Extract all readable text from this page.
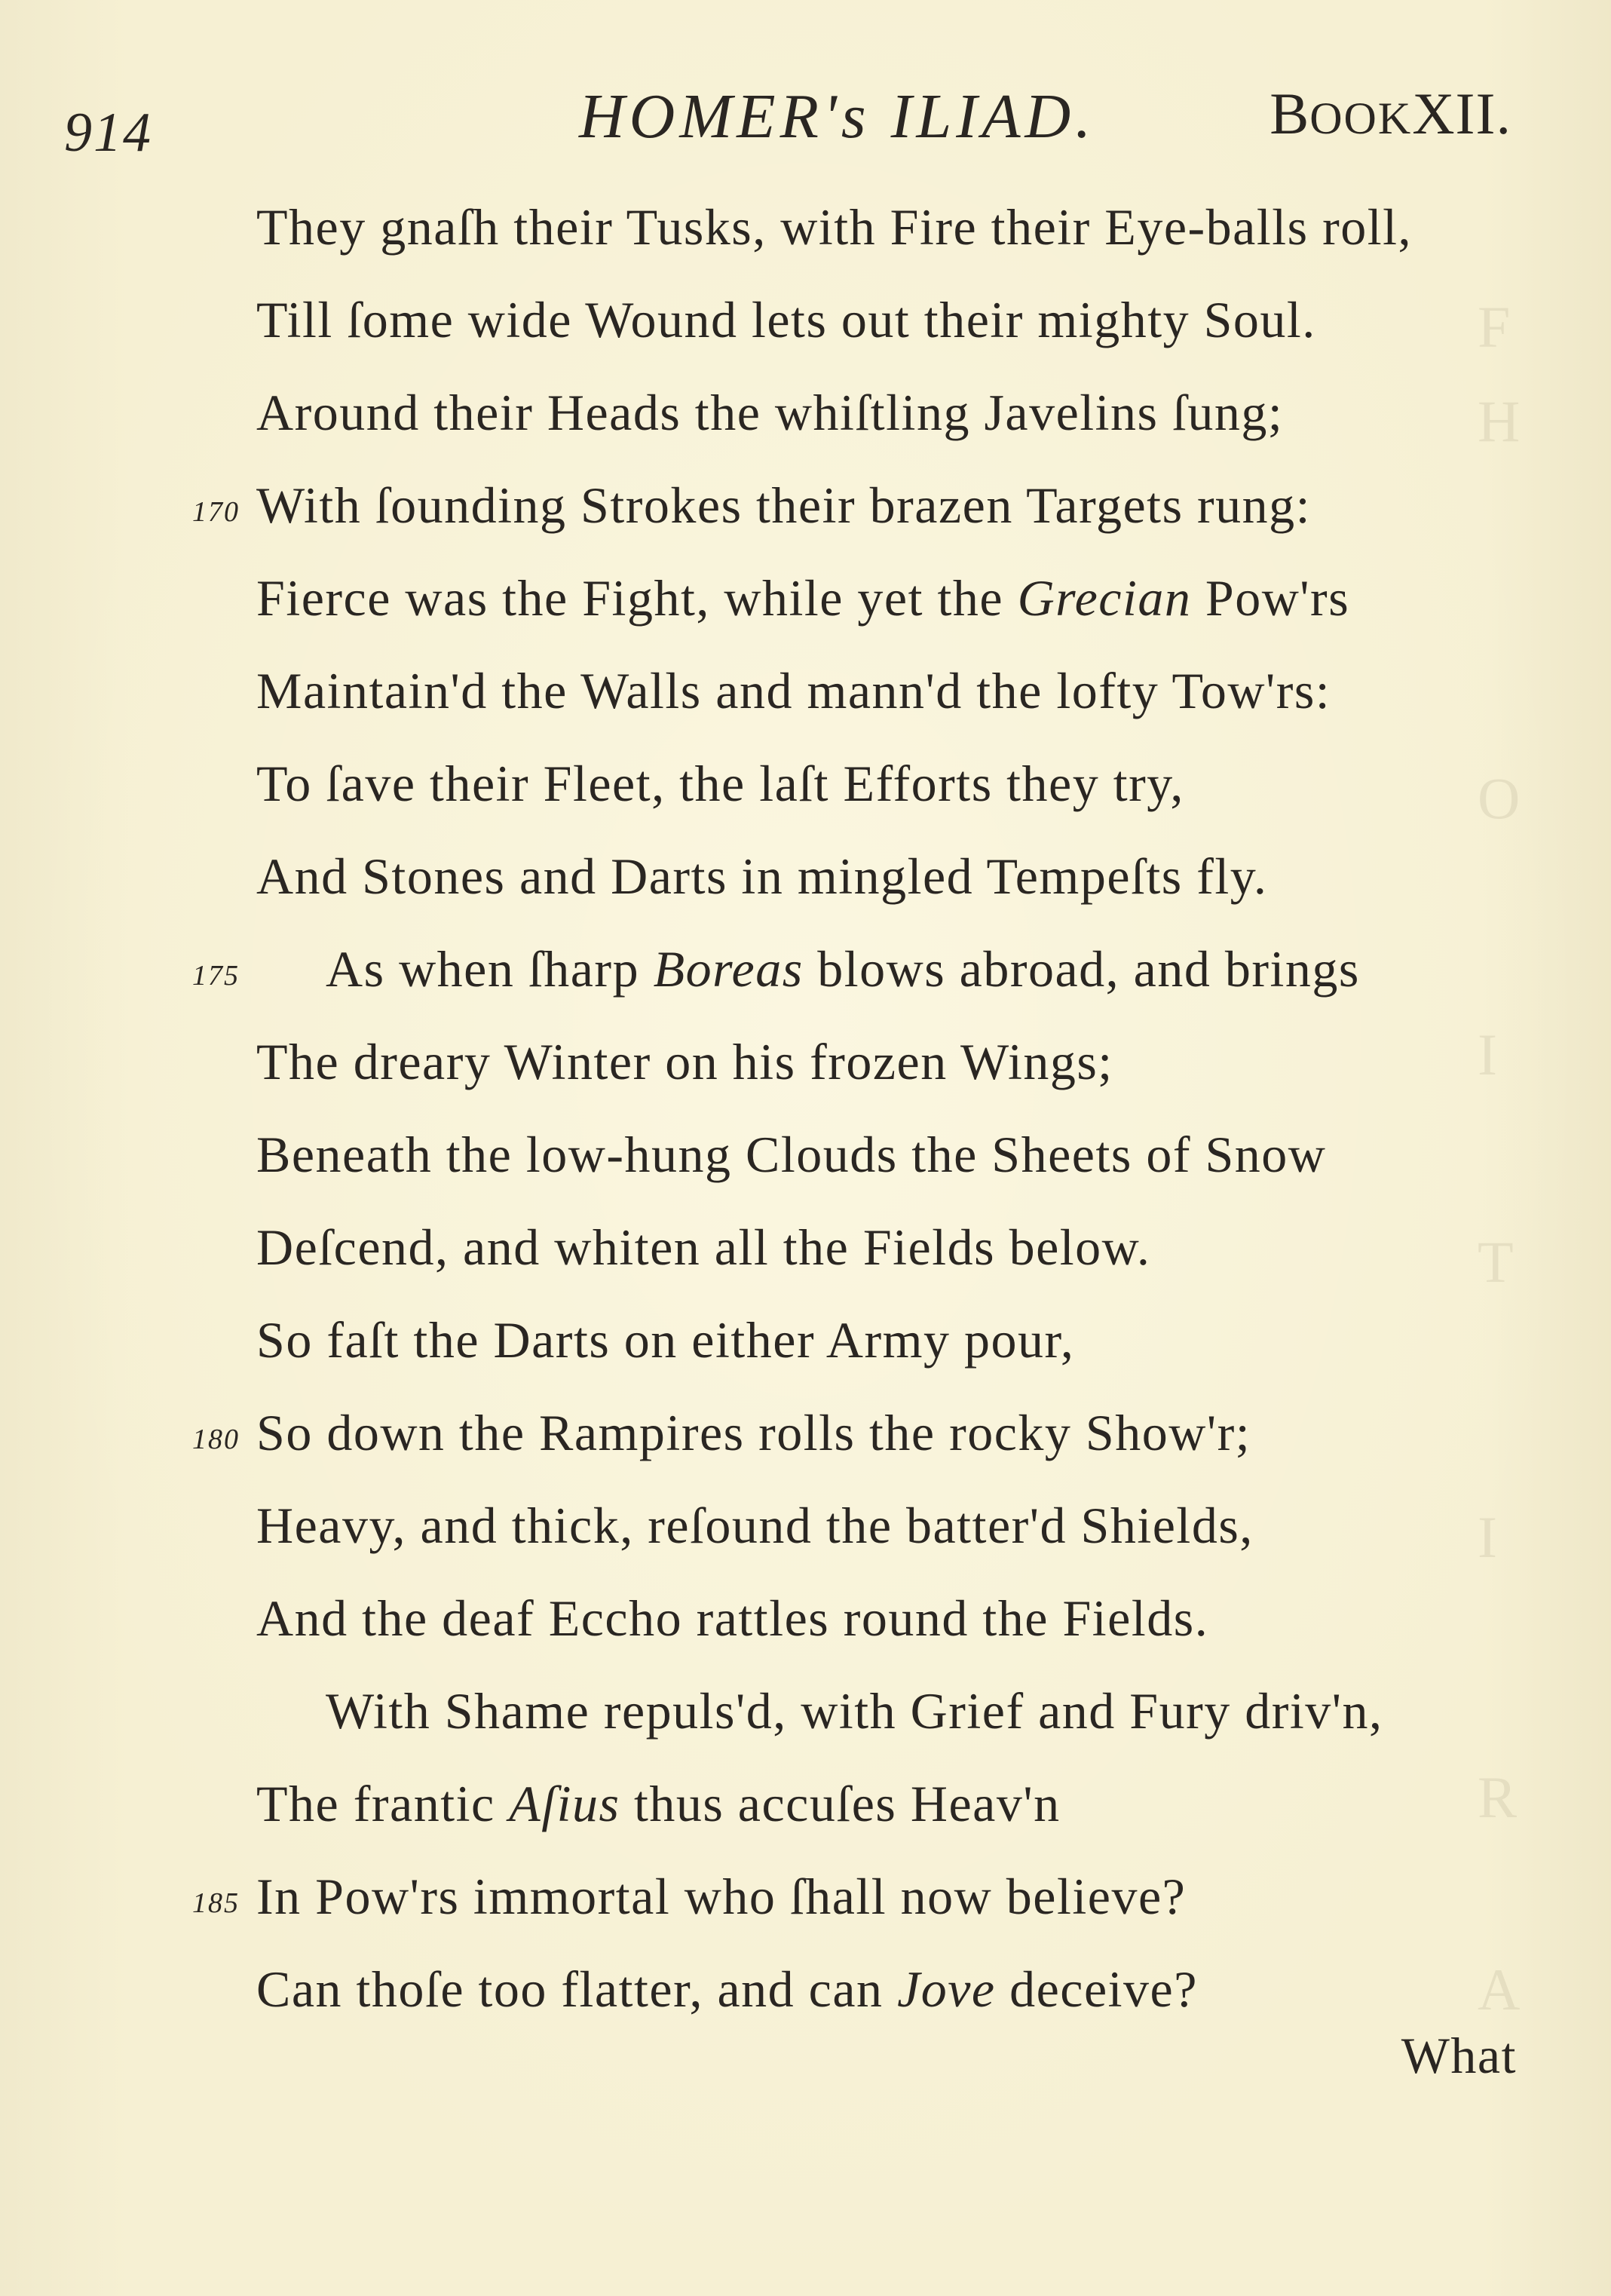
F
H
O
I
T
I
R
A
914	HOMER's ILIAD.	BOOKXII.
They gnaſh their Tusks, with Fire their Eye-balls roll,
Till ſome wide Wound lets out their mighty Soul.
Around their Heads the whiſtling Javelins ſung;
170 With ſounding Strokes their brazen Targets rung:
Fierce was the Fight, while yet the Grecian Pow'rs
Maintain'd the Walls and mann'd the lofty Tow'rs:
To ſave their Fleet, the laſt Efforts they try,
And Stones and Darts in mingled Tempeſts fly.
175 As when ſharp Boreas blows abroad, and brings
The dreary Winter on his frozen Wings;
Beneath the low-hung Clouds the Sheets of Snow
Deſcend, and whiten all the Fields below.
So faſt the Darts on either Army pour,
180 So down the Rampires rolls the rocky Show'r;
Heavy, and thick, reſound the batter'd Shields,
And the deaf Eccho rattles round the Fields.
With Shame repuls'd, with Grief and Fury driv'n,
The frantic Aſius thus accuſes Heav'n
185 In Pow'rs immortal who ſhall now believe?
Can thoſe too flatter, and can Jove deceive?
What
